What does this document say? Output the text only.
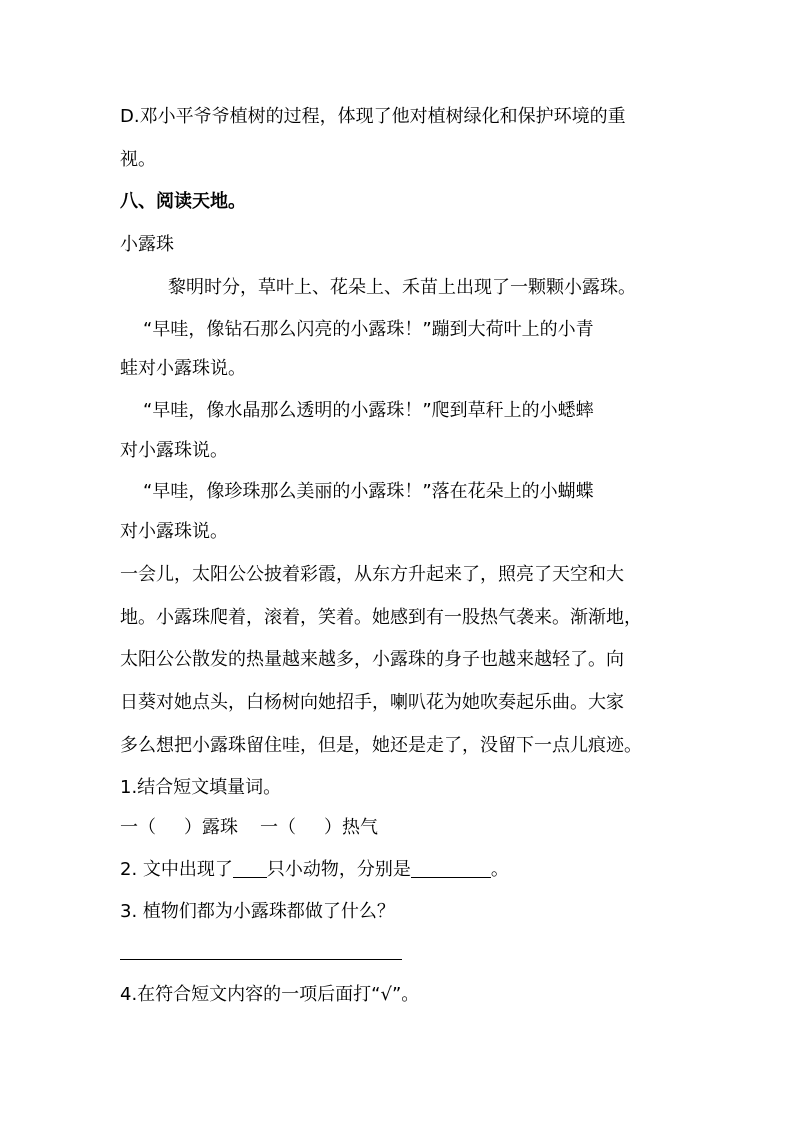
D.邓小平爷爷植树的过程，体现了他对植树绿化和保护环境的重
视。
八、阅读天地。
小露珠
黎明时分，草叶上、花朵上、禾苗上出现了一颗颗小露珠。
“早哇，像钻石那么闪亮的小露珠！”蹦到大荷叶上的小青
蛙对小露珠说。
“早哇，像水晶那么透明的小露珠！”爬到草秆上的小蟋蟀
对小露珠说。
“早哇，像珍珠那么美丽的小露珠！”落在花朵上的小蝴蝶
对小露珠说。
一会儿，太阳公公披着彩霞，从东方升起来了，照亮了天空和大
地。小露珠爬着，滚着，笑着。她感到有一股热气袭来。渐渐地，
太阳公公散发的热量越来越多，小露珠的身子也越来越轻了。向
日葵对她点头，白杨树向她招手，喇叭花为她吹奏起乐曲。大家
多么想把小露珠留住哇，但是，她还是走了，没留下一点儿痕迹。
1.结合短文填量词。
一（ ）露珠 一（ ）热气
2. 文中出现了 只小动物，分别是	。
3. 植物们都为小露珠都做了什么？
4.在符合短文内容的一项后面打“√”。
